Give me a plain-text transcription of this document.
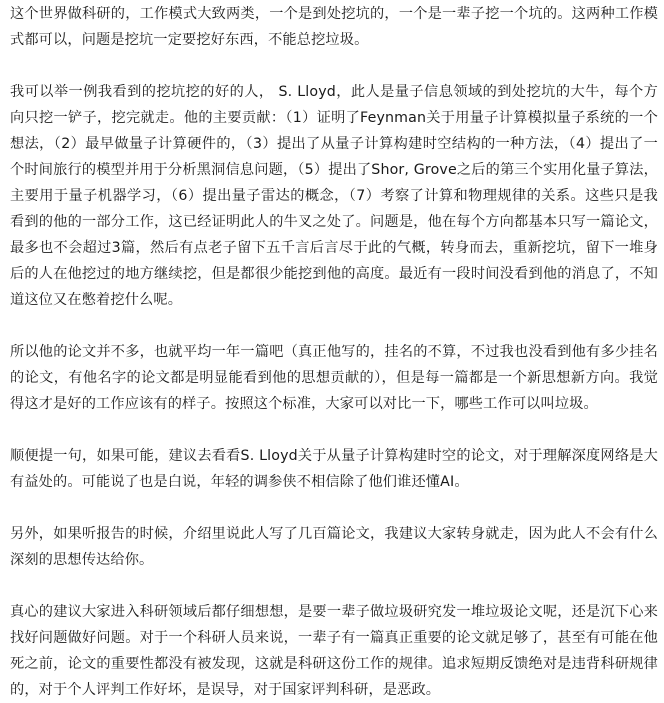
这个世界做科研的，工作模式大致两类，一个是到处挖坑的，一个是一辈子挖一个坑的。这两种工作模式都可以，问题是挖坑一定要挖好东西，不能总挖垃圾。

我可以举一例我看到的挖坑挖的好的人， S. Lloyd，此人是量子信息领域的到处挖坑的大牛，每个方向只挖一铲子，挖完就走。他的主要贡献：（1）证明了Feynman关于用量子计算模拟量子系统的一个想法，（2）最早做量子计算硬件的，（3）提出了从量子计算构建时空结构的一种方法，（4）提出了一个时间旅行的模型并用于分析黑洞信息问题，（5）提出了Shor, Grove之后的第三个实用化量子算法，主要用于量子机器学习，（6）提出量子雷达的概念，（7）考察了计算和物理规律的关系。这些只是我看到的他的一部分工作，这已经证明此人的牛叉之处了。问题是，他在每个方向都基本只写一篇论文，最多也不会超过3篇，然后有点老子留下五千言后言尽于此的气概，转身而去，重新挖坑，留下一堆身后的人在他挖过的地方继续挖，但是都很少能挖到他的高度。最近有一段时间没看到他的消息了，不知道这位又在憋着挖什么呢。

所以他的论文并不多，也就平均一年一篇吧（真正他写的，挂名的不算，不过我也没看到他有多少挂名的论文，有他名字的论文都是明显能看到他的思想贡献的），但是每一篇都是一个新思想新方向。我觉得这才是好的工作应该有的样子。按照这个标准，大家可以对比一下，哪些工作可以叫垃圾。

顺便提一句，如果可能，建议去看看S. Lloyd关于从量子计算构建时空的论文，对于理解深度网络是大有益处的。可能说了也是白说，年轻的调参侠不相信除了他们谁还懂AI。

另外，如果听报告的时候，介绍里说此人写了几百篇论文，我建议大家转身就走，因为此人不会有什么深刻的思想传达给你。

真心的建议大家进入科研领域后都仔细想想，是要一辈子做垃圾研究发一堆垃圾论文呢，还是沉下心来找好问题做好问题。对于一个科研人员来说，一辈子有一篇真正重要的论文就足够了，甚至有可能在他死之前，论文的重要性都没有被发现，这就是科研这份工作的规律。追求短期反馈绝对是违背科研规律的，对于个人评判工作好坏，是误导，对于国家评判科研，是恶政。
